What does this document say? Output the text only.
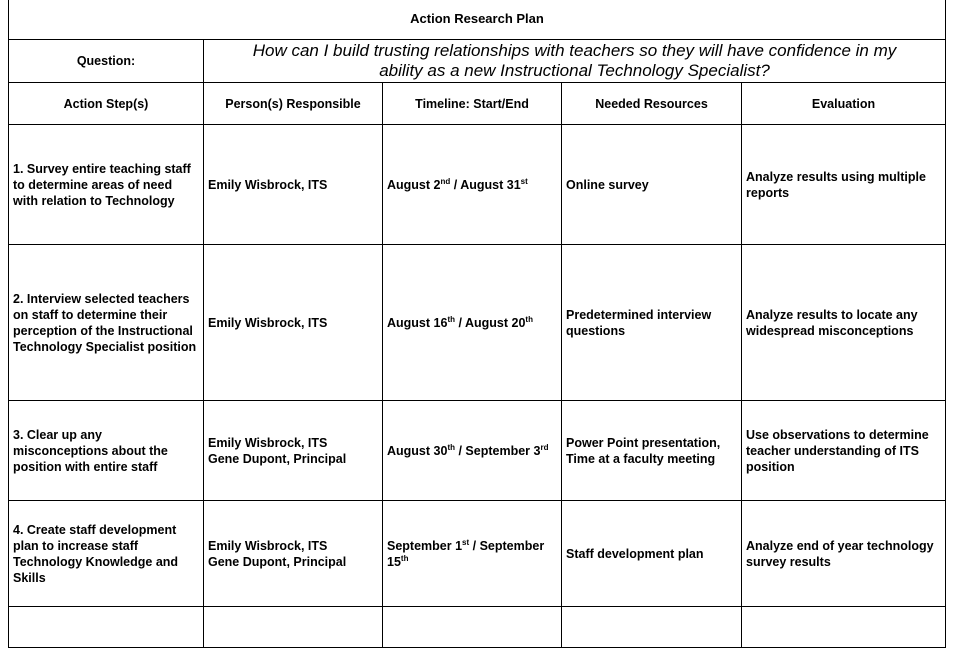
Action Research Plan				
Question:	How can I build trusting relationships with teachers so they will have confidence in my
ability as a new Instructional Technology Specialist?			

Action Step(s)	Person(s) Responsible	Timeline: Start/End	Needed Resources	Evaluation
1. Survey entire teaching staff to determine areas of need with relation to Technology	Emily Wisbrock, ITS	August 2nd / August 31st	Online survey	Analyze results using multiple reports
2. Interview selected teachers on staff to determine their perception of the Instructional Technology Specialist position	Emily Wisbrock, ITS	August 16th / August 20th	Predetermined interview questions	Analyze results to locate any widespread misconceptions
3. Clear up any misconceptions about the position with entire staff	Emily Wisbrock, ITS
Gene Dupont, Principal	August 30th / September 3rd	Power Point presentation, Time at a faculty meeting	Use observations to determine teacher understanding of ITS position
4. Create staff development plan to increase staff Technology Knowledge and Skills	Emily Wisbrock, ITS
Gene Dupont, Principal	September 1st / September 15th	Staff development plan	Analyze end of year technology survey results
